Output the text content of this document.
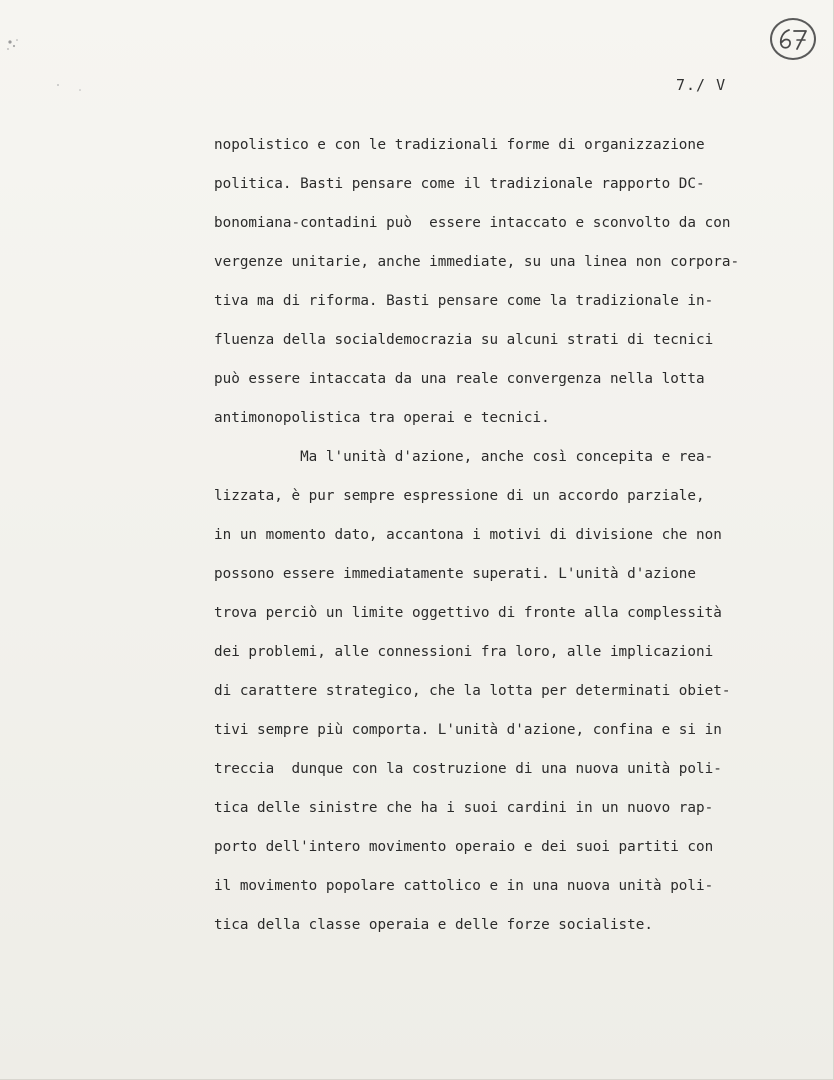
7./ V
nopolistico e con le tradizionali forme di organizzazione
politica. Basti pensare come il tradizionale rapporto DC-
bonomiana-contadini può  essere intaccato e sconvolto da con
vergenze unitarie, anche immediate, su una linea non corpora-
tiva ma di riforma. Basti pensare come la tradizionale in-
fluenza della socialdemocrazia su alcuni strati di tecnici
può essere intaccata da una reale convergenza nella lotta
antimonopolistica tra operai e tecnici.
Ma l'unità d'azione, anche così concepita e rea-
lizzata, è pur sempre espressione di un accordo parziale,
in un momento dato, accantona i motivi di divisione che non
possono essere immediatamente superati. L'unità d'azione
trova perciò un limite oggettivo di fronte alla complessità
dei problemi, alle connessioni fra loro, alle implicazioni
di carattere strategico, che la lotta per determinati obiet-
tivi sempre più comporta. L'unità d'azione, confina e si in
treccia  dunque con la costruzione di una nuova unità poli-
tica delle sinistre che ha i suoi cardini in un nuovo rap-
porto dell'intero movimento operaio e dei suoi partiti con
il movimento popolare cattolico e in una nuova unità poli-
tica della classe operaia e delle forze socialiste.
